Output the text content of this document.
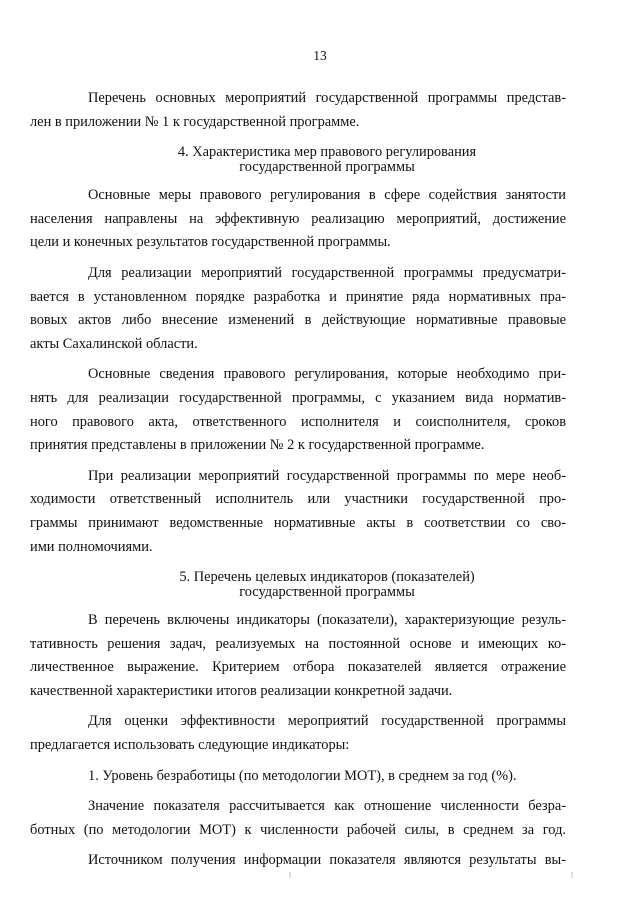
13
Перечень основных мероприятий государственной программы представ-
лен в приложении № 1 к государственной программе.
4. Характеристика мер правового регулирования
государственной программы
Основные меры правового регулирования в сфере содействия занятости
населения направлены на эффективную реализацию мероприятий, достижение
цели и конечных результатов государственной программы.
Для реализации мероприятий государственной программы предусматри-
вается в установленном порядке разработка и принятие ряда нормативных пра-
вовых актов либо внесение изменений в действующие нормативные правовые
акты Сахалинской области.
Основные сведения правового регулирования, которые необходимо при-
нять для реализации государственной программы, с указанием вида норматив-
ного правового акта, ответственного исполнителя и соисполнителя, сроков
принятия представлены в приложении № 2 к государственной программе.
При реализации мероприятий государственной программы по мере необ-
ходимости ответственный исполнитель или участники государственной про-
граммы принимают ведомственные нормативные акты в соответствии со сво-
ими полномочиями.
5. Перечень целевых индикаторов (показателей)
государственной программы
В перечень включены индикаторы (показатели), характеризующие резуль-
тативность решения задач, реализуемых на постоянной основе и имеющих ко-
личественное выражение. Критерием отбора показателей является отражение
качественной характеристики итогов реализации конкретной задачи.
Для оценки эффективности мероприятий государственной программы
предлагается использовать следующие индикаторы:
1. Уровень безработицы (по методологии МОТ), в среднем за год (%).
Значение показателя рассчитывается как отношение численности безра-
ботных (по методологии МОТ) к численности рабочей силы, в среднем за год.
Источником получения информации показателя являются результаты вы-
